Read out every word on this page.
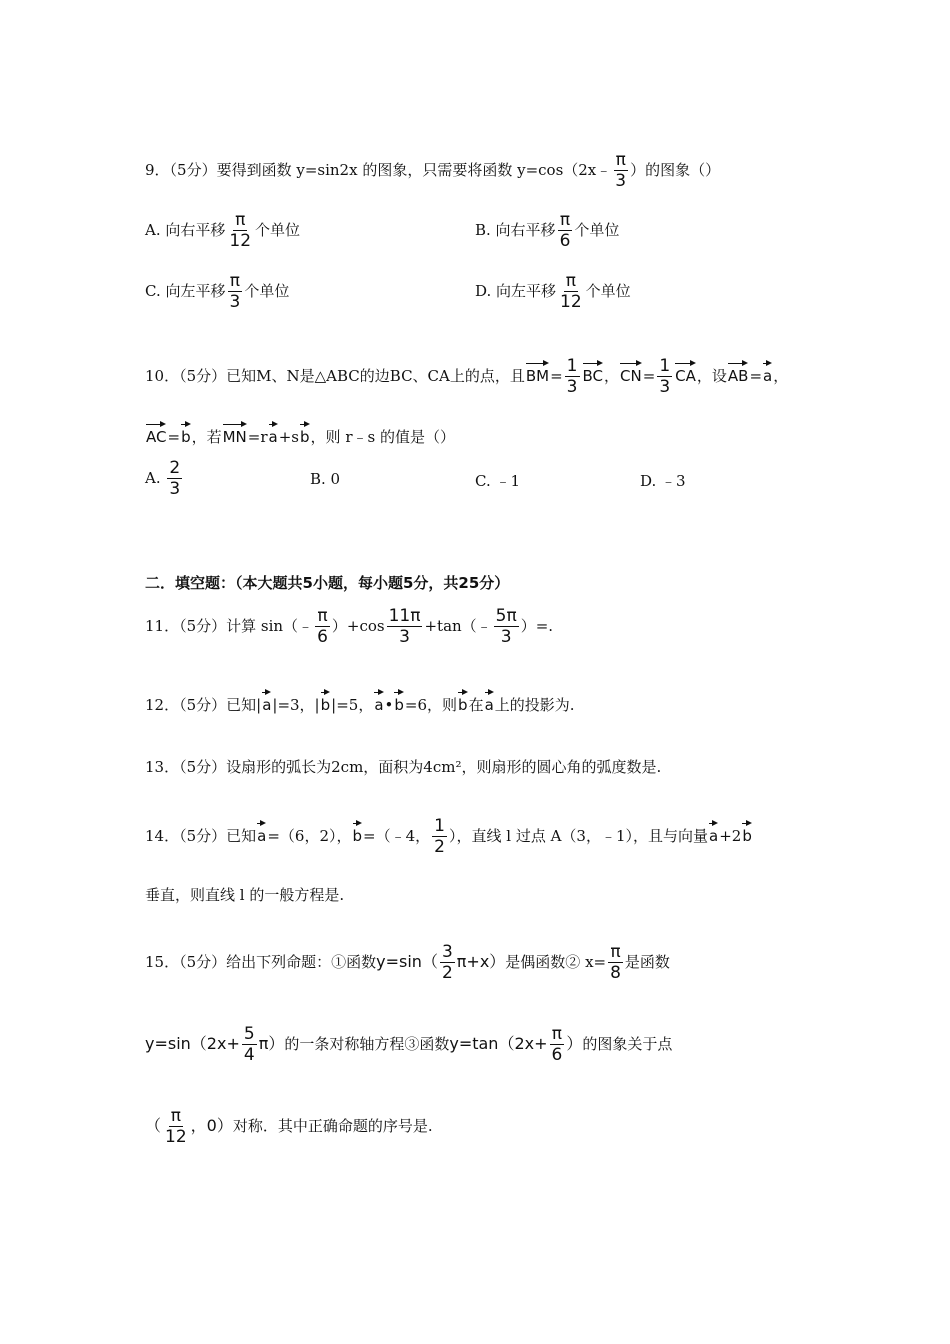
9．（5分）要得到函数 y=sin2x 的图象，只需要将函数 y=cos（2x﹣ $\frac{\pi}{3}$ ）的图象（）
A. 向右平移 $\frac{\pi}{12}$ 个单位	B. 向右平移 $\frac{\pi}{6}$ 个单位
C. 向左平移 $\frac{\pi}{3}$ 个单位	D. 向左平移 $\frac{\pi}{12}$ 个单位
10．（5分）已知M、N是△ABC的边BC、CA上的点，且$BM= \frac{1}{3}$ BC，$CN= \frac{1}{3}$ CA，设AB=a，
AC=b，若MN=ra+sb，则 r﹣s 的值是（）
A. $\frac{2}{3}$	B. 0	C. ﹣1	D. ﹣3
二．填空题：（本大题共5小题，每小题5分，共25分）
11．（5分）计算 sin（﹣ $\frac{\pi}{6} )+\cos \frac{11\pi}{3}$ +tan（﹣ $\frac{5\pi}{3}$ ）=.
12．（5分）已知|a|=3，|b|=5，a•b=6，则b在a上的投影为.
13．（5分）设扇形的弧长为2cm，面积为4cm²，则扇形的圆心角的弧度数是.
14．（5分）已知a=（6，2），b=（﹣4， $\frac{1}{2}$ ），直线 l 过点 A（3，﹣1），且与向量a+2b
垂直，则直线 l 的一般方程是.
15．（5分）给出下列命题：①函数$y=\sin( \frac{3}{2} \pi+x)$是偶函数② $x= \frac{\pi}{8}$ 是函数
$y=\sin(2x+ \frac{5}{4} \pi)$的一条对称轴方程③函数$y=\tan(2x+ \frac{\pi}{6}$ ）的图象关于点
（ $\frac{\pi}{12}$ ，0）对称．其中正确命题的序号是.
